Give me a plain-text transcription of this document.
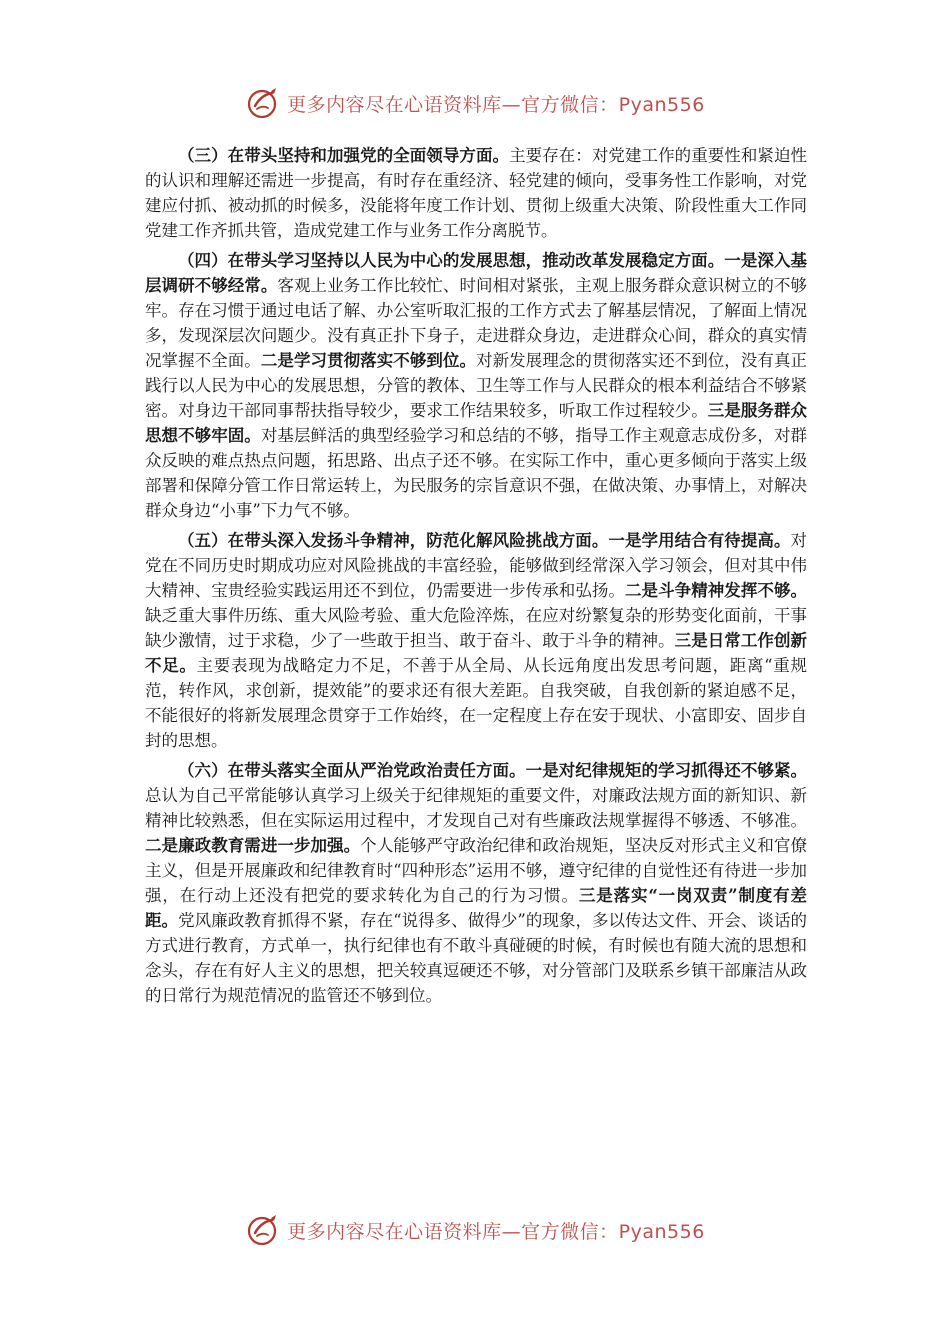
更多内容尽在心语资料库—官方微信：Pyan556

（三）在带头坚持和加强党的全面领导方面。主要存在：对党建工作的重要性和紧迫性的认识和理解还需进一步提高，有时存在重经济、轻党建的倾向，受事务性工作影响，对党建应付抓、被动抓的时候多，没能将年度工作计划、贯彻上级重大决策、阶段性重大工作同党建工作齐抓共管，造成党建工作与业务工作分离脱节。

（四）在带头学习坚持以人民为中心的发展思想，推动改革发展稳定方面。一是深入基层调研不够经常。客观上业务工作比较忙、时间相对紧张，主观上服务群众意识树立的不够牢。存在习惯于通过电话了解、办公室听取汇报的工作方式去了解基层情况，了解面上情况多，发现深层次问题少。没有真正扑下身子，走进群众身边，走进群众心间，群众的真实情况掌握不全面。二是学习贯彻落实不够到位。对新发展理念的贯彻落实还不到位，没有真正践行以人民为中心的发展思想，分管的教体、卫生等工作与人民群众的根本利益结合不够紧密。对身边干部同事帮扶指导较少，要求工作结果较多，听取工作过程较少。三是服务群众思想不够牢固。对基层鲜活的典型经验学习和总结的不够，指导工作主观意志成份多，对群众反映的难点热点问题，拓思路、出点子还不够。在实际工作中，重心更多倾向于落实上级部署和保障分管工作日常运转上，为民服务的宗旨意识不强，在做决策、办事情上，对解决群众身边“小事”下力气不够。

（五）在带头深入发扬斗争精神，防范化解风险挑战方面。一是学用结合有待提高。对党在不同历史时期成功应对风险挑战的丰富经验，能够做到经常深入学习领会，但对其中伟大精神、宝贵经验实践运用还不到位，仍需要进一步传承和弘扬。二是斗争精神发挥不够。缺乏重大事件历练、重大风险考验、重大危险淬炼，在应对纷繁复杂的形势变化面前，干事缺少激情，过于求稳，少了一些敢于担当、敢于奋斗、敢于斗争的精神。三是日常工作创新不足。主要表现为战略定力不足，不善于从全局、从长远角度出发思考问题，距离“重规范，转作风，求创新，提效能”的要求还有很大差距。自我突破，自我创新的紧迫感不足，不能很好的将新发展理念贯穿于工作始终，在一定程度上存在安于现状、小富即安、固步自封的思想。

（六）在带头落实全面从严治党政治责任方面。一是对纪律规矩的学习抓得还不够紧。总认为自己平常能够认真学习上级关于纪律规矩的重要文件，对廉政法规方面的新知识、新精神比较熟悉，但在实际运用过程中，才发现自己对有些廉政法规掌握得不够透、不够准。二是廉政教育需进一步加强。个人能够严守政治纪律和政治规矩，坚决反对形式主义和官僚主义，但是开展廉政和纪律教育时“四种形态”运用不够，遵守纪律的自觉性还有待进一步加强，在行动上还没有把党的要求转化为自己的行为习惯。三是落实“一岗双责”制度有差距。党风廉政教育抓得不紧，存在“说得多、做得少”的现象，多以传达文件、开会、谈话的方式进行教育，方式单一，执行纪律也有不敢斗真碰硬的时候，有时候也有随大流的思想和念头，存在有好人主义的思想，把关较真逗硬还不够，对分管部门及联系乡镇干部廉洁从政的日常行为规范情况的监管还不够到位。

更多内容尽在心语资料库—官方微信：Pyan556
